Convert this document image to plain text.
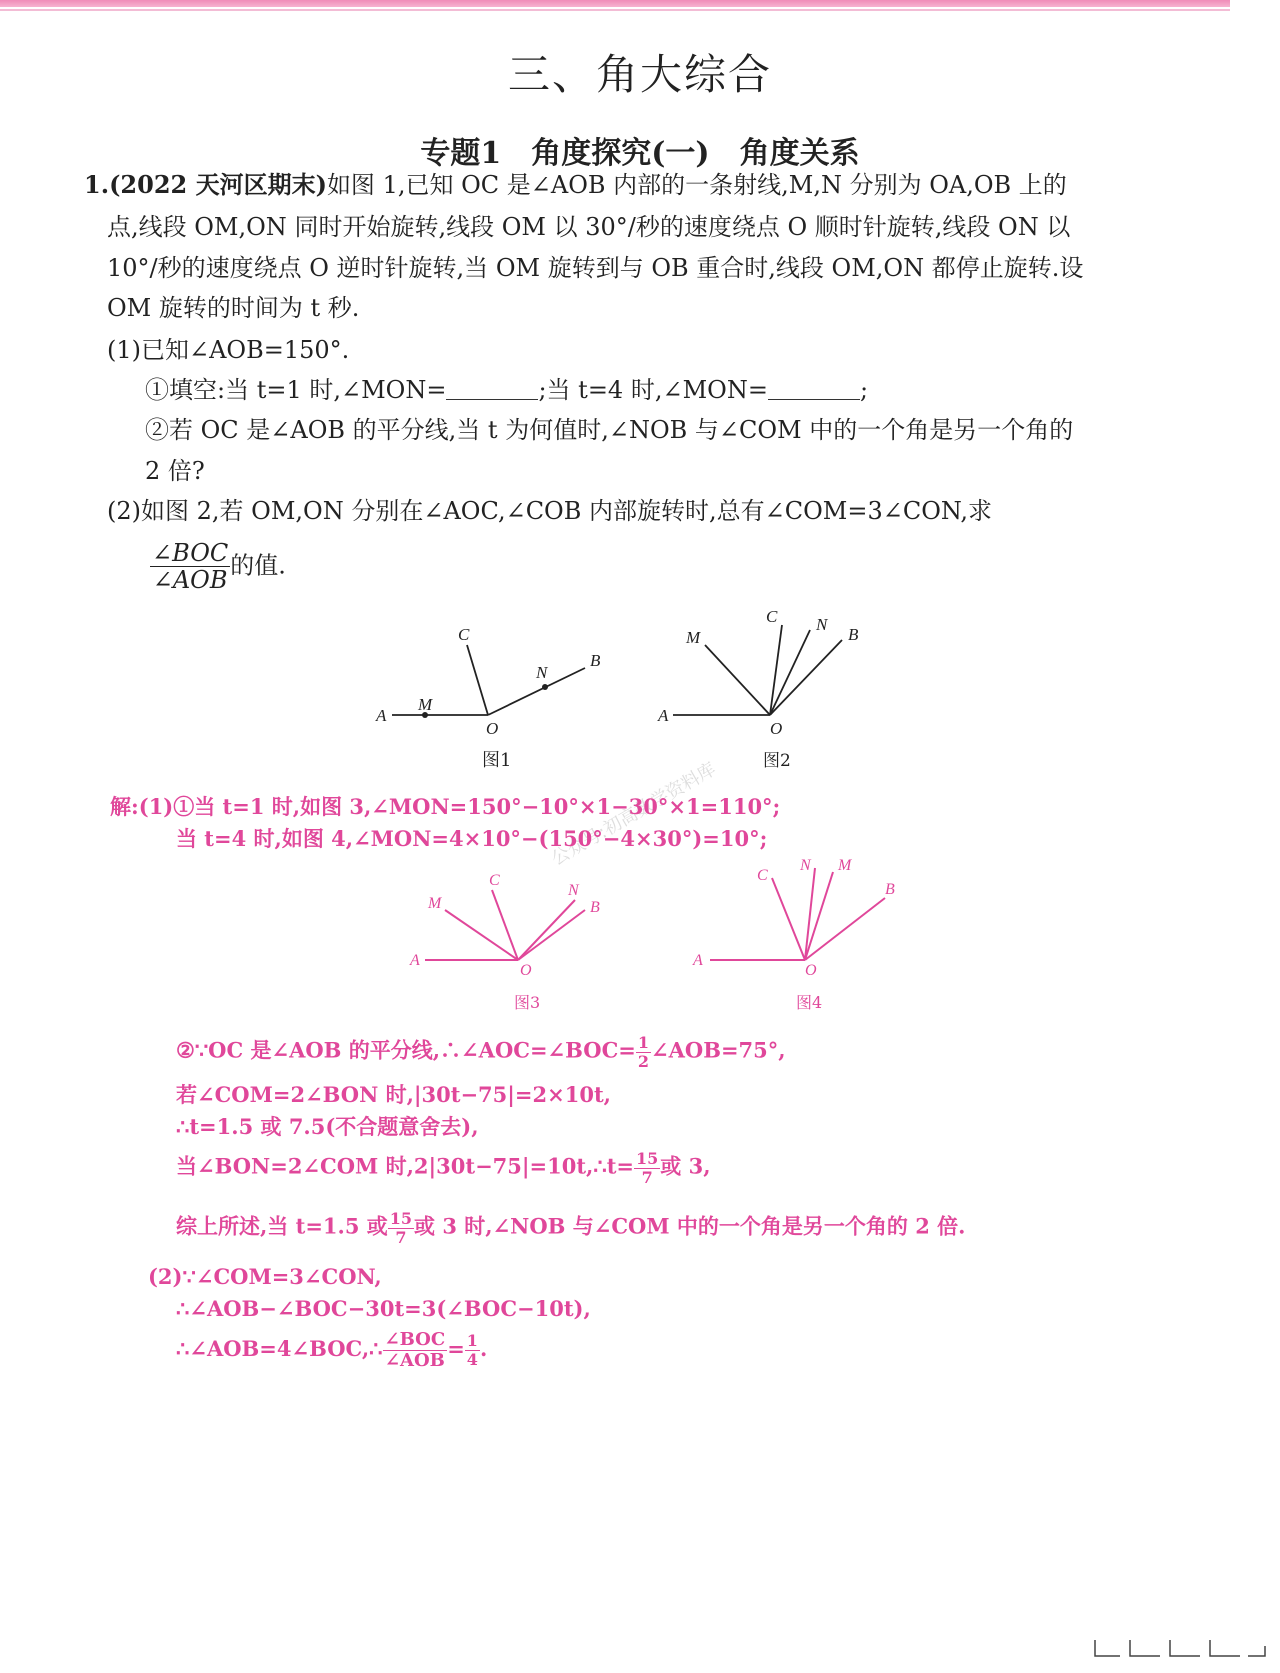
三、角大综合
专题1　角度探究(一)　角度关系
1.(2022 天河区期末)如图 1,已知 OC 是∠AOB 内部的一条射线,M,N 分别为 OA,OB 上的
点,线段 OM,ON 同时开始旋转,线段 OM 以 30°/秒的速度绕点 O 顺时针旋转,线段 ON 以
10°/秒的速度绕点 O 逆时针旋转,当 OM 旋转到与 OB 重合时,线段 OM,ON 都停止旋转.设
OM 旋转的时间为 t 秒.
(1)已知∠AOB=150°.
①填空:当 t=1 时,∠MON=	;当 t=4 时,∠MON=	;
②若 OC 是∠AOB 的平分线,当 t 为何值时,∠NOB 与∠COM 中的一个角是另一个角的
2 倍?
(2)如图 2,若 OM,ON 分别在∠AOC,∠COB 内部旋转时,总有∠COM=3∠CON,求
$\frac{\text{∠BOC}}{\text{∠AOB}}$ 的值.
A
M
O
C
N
B
图1
A
O
M
C N
B
图2
公众号:初高数学资料库
解:(1)①当 t=1 时,如图 3,∠MON=150°−10°×1−30°×1=110°;
当 t=4 时,如图 4,∠MON=4×10°−(150°−4×30°)=10°;
A
O
M
C
N
B
图3
A
O
C
N M
B
图4
②∵OC 是∠AOB 的平分线,∴∠AOC=∠BOC= $\frac{1}{2}$ ∠AOB=75°,
若∠COM=2∠BON 时,|30t−75|=2×10t,
∴t=1.5 或 7.5(不合题意舍去),
当∠BON=2∠COM 时,2|30t−75|=10t,∴t= $\frac{15}{7}$ 或 3,
综上所述,当 t=1.5 或 $\frac{15}{7}$ 或 3 时,∠NOB 与∠COM 中的一个角是另一个角的 2 倍.
(2)∵∠COM=3∠CON,
∴∠AOB−∠BOC−30t=3(∠BOC−10t),
∴∠AOB=4∠BOC,∴ $\frac{\text{∠BOC}}{\text{∠AOB}} = \frac{1}{4}$ .
